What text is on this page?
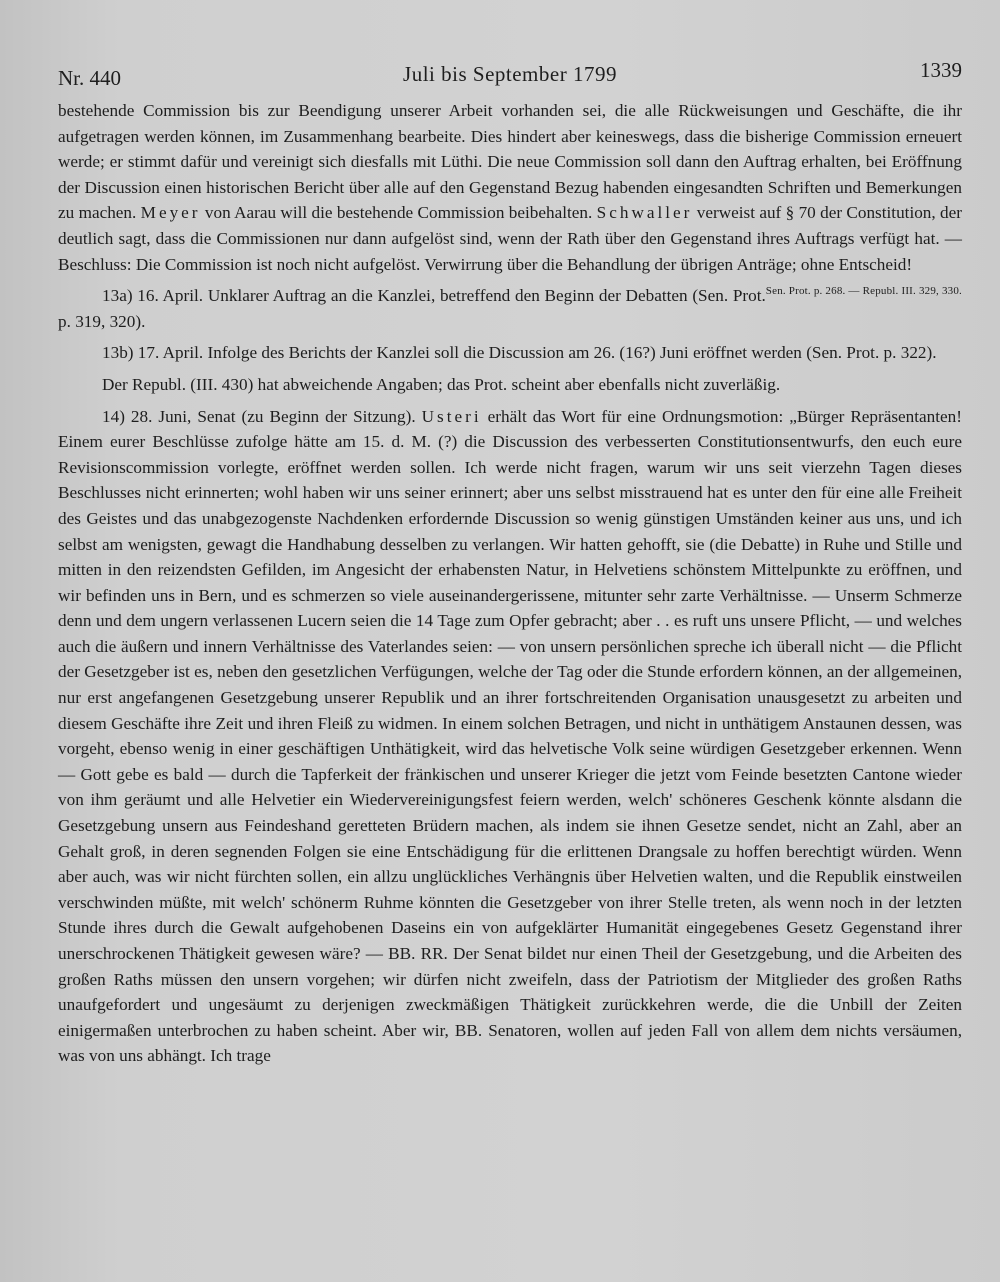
Nr. 440	Juli bis September 1799	1339

bestehende Commission bis zur Beendigung unserer Arbeit vorhanden sei, die alle Rückweisungen und Geschäfte, die ihr aufgetragen werden können, im Zusammenhang bearbeite. Dies hindert aber keineswegs, dass die bisherige Commission erneuert werde; er stimmt dafür und vereinigt sich diesfalls mit Lüthi. Die neue Commission soll dann den Auftrag erhalten, bei Eröffnung der Discussion einen historischen Bericht über alle auf den Gegenstand Bezug habenden eingesandten Schriften und Bemerkungen zu machen. Meyer von Aarau will die bestehende Commission beibehalten. Schwaller verweist auf § 70 der Constitution, der deutlich sagt, dass die Commissionen nur dann aufgelöst sind, wenn der Rath über den Gegenstand ihres Auftrags verfügt hat. — Beschluss: Die Commission ist noch nicht aufgelöst. Verwirrung über die Behandlung der übrigen Anträge; ohne Entscheid!
Sen. Prot. p. 268. — Republ. III. 329, 330.

13a) 16. April. Unklarer Auftrag an die Kanzlei, betreffend den Beginn der Debatten (Sen. Prot. p. 319, 320).

13b) 17. April. Infolge des Berichts der Kanzlei soll die Discussion am 26. (16?) Juni eröffnet werden (Sen. Prot. p. 322).

Der Republ. (III. 430) hat abweichende Angaben; das Prot. scheint aber ebenfalls nicht zuverläßig.

14) 28. Juni, Senat (zu Beginn der Sitzung). Usteri erhält das Wort für eine Ordnungsmotion: „Bürger Repräsentanten! Einem eurer Beschlüsse zufolge hätte am 15. d. M. (?) die Discussion des verbesserten Constitutionsentwurfs, den euch eure Revisionscommission vorlegte, eröffnet werden sollen. Ich werde nicht fragen, warum wir uns seit vierzehn Tagen dieses Beschlusses nicht erinnerten; wohl haben wir uns seiner erinnert; aber uns selbst misstrauend hat es unter den für eine alle Freiheit des Geistes und das unabgezogenste Nachdenken erfordernde Discussion so wenig günstigen Umständen keiner aus uns, und ich selbst am wenigsten, gewagt die Handhabung desselben zu verlangen. Wir hatten gehofft, sie (die Debatte) in Ruhe und Stille und mitten in den reizendsten Gefilden, im Angesicht der erhabensten Natur, in Helvetiens schönstem Mittelpunkte zu eröffnen, und wir befinden uns in Bern, und es schmerzen so viele auseinandergerissene, mitunter sehr zarte Verhältnisse. — Unserm Schmerze denn und dem ungern verlassenen Lucern seien die 14 Tage zum Opfer gebracht; aber . . es ruft uns unsere Pflicht, — und welches auch die äußern und innern Verhältnisse des Vaterlandes seien: — von unsern persönlichen spreche ich überall nicht — die Pflicht der Gesetzgeber ist es, neben den gesetzlichen Verfügungen, welche der Tag oder die Stunde erfordern können, an der allgemeinen, nur erst angefangenen Gesetzgebung unserer Republik und an ihrer fortschreitenden Organisation unausgesetzt zu arbeiten und diesem Geschäfte ihre Zeit und ihren Fleiß zu widmen. In einem solchen Betragen, und nicht in unthätigem Anstaunen dessen, was vorgeht, ebenso wenig in einer geschäftigen Unthätigkeit, wird das helvetische Volk seine würdigen Gesetzgeber erkennen. Wenn — Gott gebe es bald — durch die Tapferkeit der fränkischen und unserer Krieger die jetzt vom Feinde besetzten Cantone wieder von ihm geräumt und alle Helvetier ein Wiedervereinigungsfest feiern werden, welch' schöneres Geschenk könnte alsdann die Gesetzgebung unsern aus Feindeshand geretteten Brüdern machen, als indem sie ihnen Gesetze sendet, nicht an Zahl, aber an Gehalt groß, in deren segnenden Folgen sie eine Entschädigung für die erlittenen Drangsale zu hoffen berechtigt würden. Wenn aber auch, was wir nicht fürchten sollen, ein allzu unglückliches Verhängnis über Helvetien walten, und die Republik einstweilen verschwinden müßte, mit welch' schönerm Ruhme könnten die Gesetzgeber von ihrer Stelle treten, als wenn noch in der letzten Stunde ihres durch die Gewalt aufgehobenen Daseins ein von aufgeklärter Humanität eingegebenes Gesetz Gegenstand ihrer unerschrockenen Thätigkeit gewesen wäre? — BB. RR. Der Senat bildet nur einen Theil der Gesetzgebung, und die Arbeiten des großen Raths müssen den unsern vorgehen; wir dürfen nicht zweifeln, dass der Patriotism der Mitglieder des großen Raths unaufgefordert und ungesäumt zu derjenigen zweckmäßigen Thätigkeit zurückkehren werde, die die Unbill der Zeiten einigermaßen unterbrochen zu haben scheint. Aber wir, BB. Senatoren, wollen auf jeden Fall von allem dem nichts versäumen, was von uns abhängt. Ich trage
